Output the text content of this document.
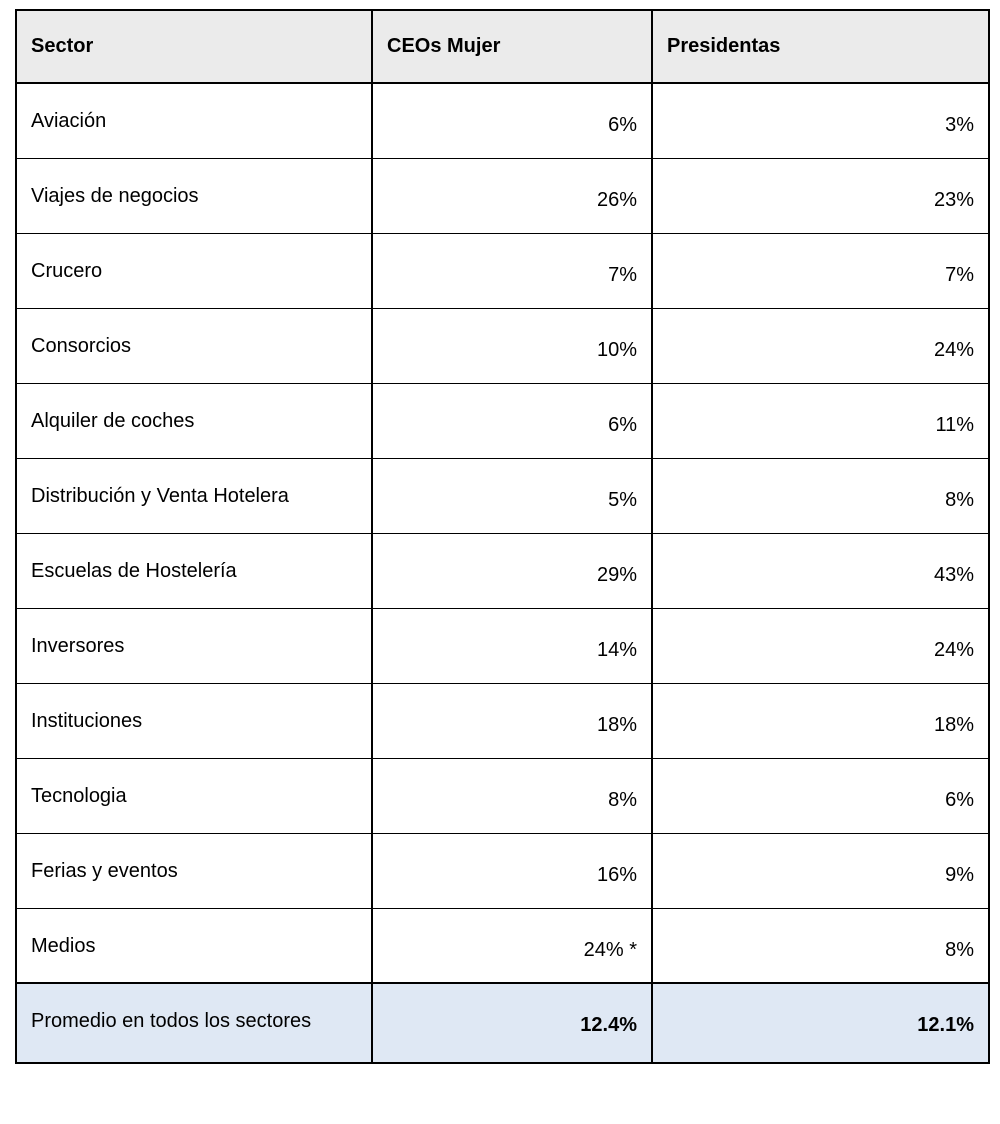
Sector	CEOs Mujer	Presidentas
Aviación	6%	3%
Viajes de negocios	26%	23%
Crucero	7%	7%
Consorcios	10%	24%
Alquiler de coches	6%	11%
Distribución y Venta Hotelera	5%	8%
Escuelas de Hostelería	29%	43%
Inversores	14%	24%
Instituciones	18%	18%
Tecnologia	8%	6%
Ferias y eventos	16%	9%
Medios	24% *	8%
Promedio en todos los sectores	12.4%	12.1%
